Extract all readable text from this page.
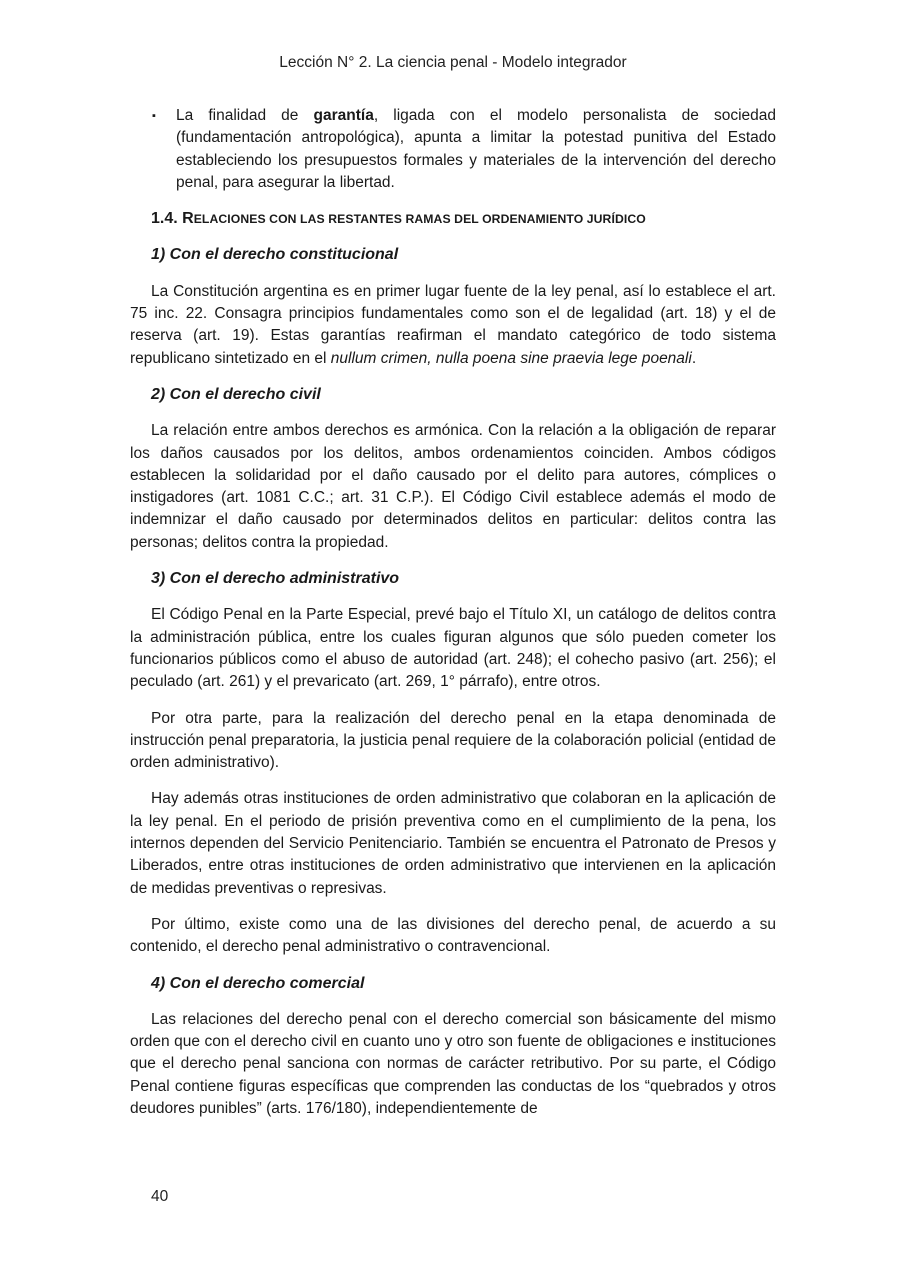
Lección N° 2. La ciencia penal - Modelo integrador
▪ La finalidad de garantía, ligada con el modelo personalista de sociedad (fundamentación antropológica), apunta a limitar la potestad punitiva del Estado estableciendo los presupuestos formales y materiales de la intervención del derecho penal, para asegurar la libertad.
1.4. RELACIONES CON LAS RESTANTES RAMAS DEL ORDENAMIENTO JURÍDICO
1) Con el derecho constitucional

La Constitución argentina es en primer lugar fuente de la ley penal, así lo establece el art. 75 inc. 22. Consagra principios fundamentales como son el de legalidad (art. 18) y el de reserva (art. 19). Estas garantías reafirman el mandato categórico de todo sistema republicano sintetizado en el nullum crimen, nulla poena sine praevia lege poenali.

2) Con el derecho civil

La relación entre ambos derechos es armónica. Con la relación a la obligación de reparar los daños causados por los delitos, ambos ordenamientos coinciden. Ambos códigos establecen la solidaridad por el daño causado por el delito para autores, cómplices o instigadores (art. 1081 C.C.; art. 31 C.P.). El Código Civil establece además el modo de indemnizar el daño causado por determinados delitos en particular: delitos contra las personas; delitos contra la propiedad.

3) Con el derecho administrativo

El Código Penal en la Parte Especial, prevé bajo el Título XI, un catálogo de delitos contra la administración pública, entre los cuales figuran algunos que sólo pueden cometer los funcionarios públicos como el abuso de autoridad (art. 248); el cohecho pasivo (art. 256); el peculado (art. 261) y el prevaricato (art. 269, 1° párrafo), entre otros.

Por otra parte, para la realización del derecho penal en la etapa denominada de instrucción penal preparatoria, la justicia penal requiere de la colaboración policial (entidad de orden administrativo).

Hay además otras instituciones de orden administrativo que colaboran en la aplicación de la ley penal. En el periodo de prisión preventiva como en el cumplimiento de la pena, los internos dependen del Servicio Penitenciario. También se encuentra el Patronato de Presos y Liberados, entre otras instituciones de orden administrativo que intervienen en la aplicación de medidas preventivas o represivas.

Por último, existe como una de las divisiones del derecho penal, de acuerdo a su contenido, el derecho penal administrativo o contravencional.

4) Con el derecho comercial

Las relaciones del derecho penal con el derecho comercial son básicamente del mismo orden que con el derecho civil en cuanto uno y otro son fuente de obligaciones e instituciones que el derecho penal sanciona con normas de carácter retributivo. Por su parte, el Código Penal contiene figuras específicas que comprenden las conductas de los “quebrados y otros deudores punibles” (arts. 176/180), independientemente de

40
